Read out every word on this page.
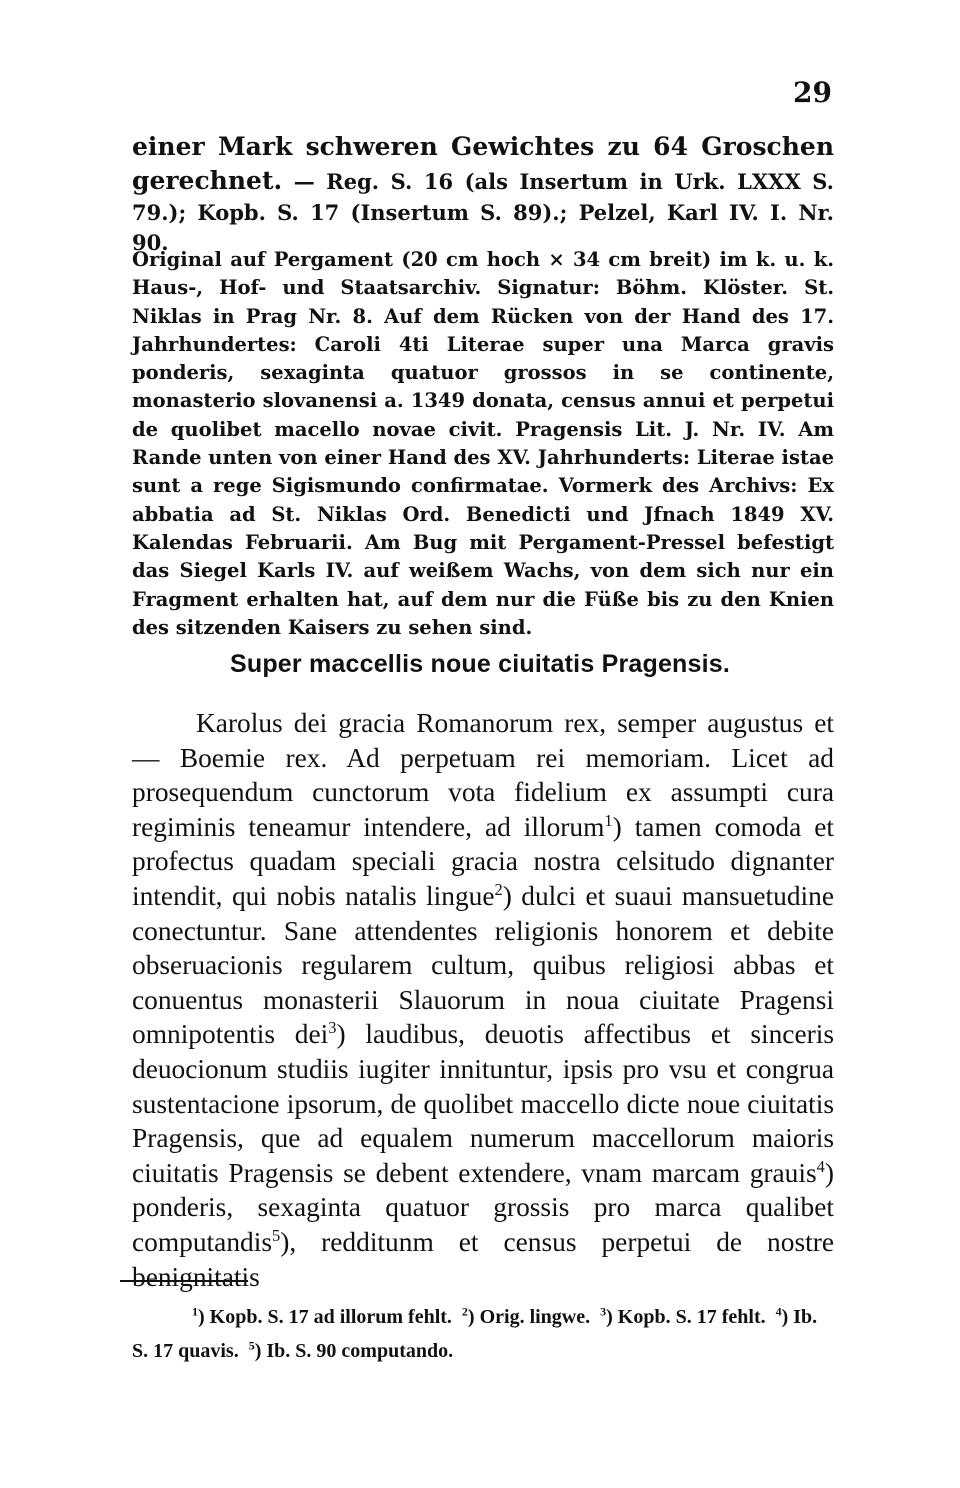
29

einer Mark schweren Gewichtes zu 64 Groschen gerechnet. — Reg. S. 16 (als Insertum in Urk. LXXX S. 79.); Kopb. S. 17 (Insertum S. 89).; Pelzel, Karl IV. I. Nr. 90.

Original auf Pergament (20 cm hoch × 34 cm breit) im k. u. k. Haus-, Hof- und Staatsarchiv. Signatur: Böhm. Klöster. St. Niklas in Prag Nr. 8. Auf dem Rücken von der Hand des 17. Jahrhundertes: Caroli 4ti Literae super una Marca gravis ponderis, sexaginta quatuor grossos in se continente, monasterio slovanensi a. 1349 donata, census annui et perpetui de quolibet macello novae civit. Pragensis Lit. J. Nr. IV. Am Rande unten von einer Hand des XV. Jahrhunderts: Literae istae sunt a rege Sigismundo confirmatae. Vormerk des Archivs: Ex abbatia ad St. Niklas Ord. Benedicti und Jfnach 1849 XV. Kalendas Februarii. Am Bug mit Pergament-Pressel befestigt das Siegel Karls IV. auf weißem Wachs, von dem sich nur ein Fragment erhalten hat, auf dem nur die Füße bis zu den Knien des sitzenden Kaisers zu sehen sind.

Super maccellis noue ciuitatis Pragensis.

Karolus dei gracia Romanorum rex, semper augustus et — Boemie rex. Ad perpetuam rei memoriam. Licet ad prosequendum cunctorum vota fidelium ex assumpti cura regiminis teneamur intendere, ad illorum$^1$) tamen comoda et profectus quadam speciali gracia nostra celsitudo dignanter intendit, qui nobis natalis lingue$^2$) dulci et suaui mansuetudine conectuntur. Sane attendentes religionis honorem et debite obseruacionis regularem cultum, quibus religiosi abbas et conuentus monasterii Slauorum in noua ciuitate Pragensi omnipotentis dei$^3$) laudibus, deuotis affectibus et sinceris deuocionum studiis iugiter innituntur, ipsis pro vsu et congrua sustentacione ipsorum, de quolibet maccello dicte noue ciuitatis Pragensis, que ad equalem numerum maccellorum maioris ciuitatis Pragensis se debent extendere, vnam marcam grauis$^4$) ponderis, sexaginta quatuor grossis pro marca qualibet computandis$^5$), redditunm et census perpetui de nostre benignitatis

$^1$) Kopb. S. 17 ad illorum fehlt. $^2$) Orig. lingwe. $^3$) Kopb. S. 17 fehlt. $^4$) Ib. S. 17 quavis. $^5$) Ib. S. 90 computando.
